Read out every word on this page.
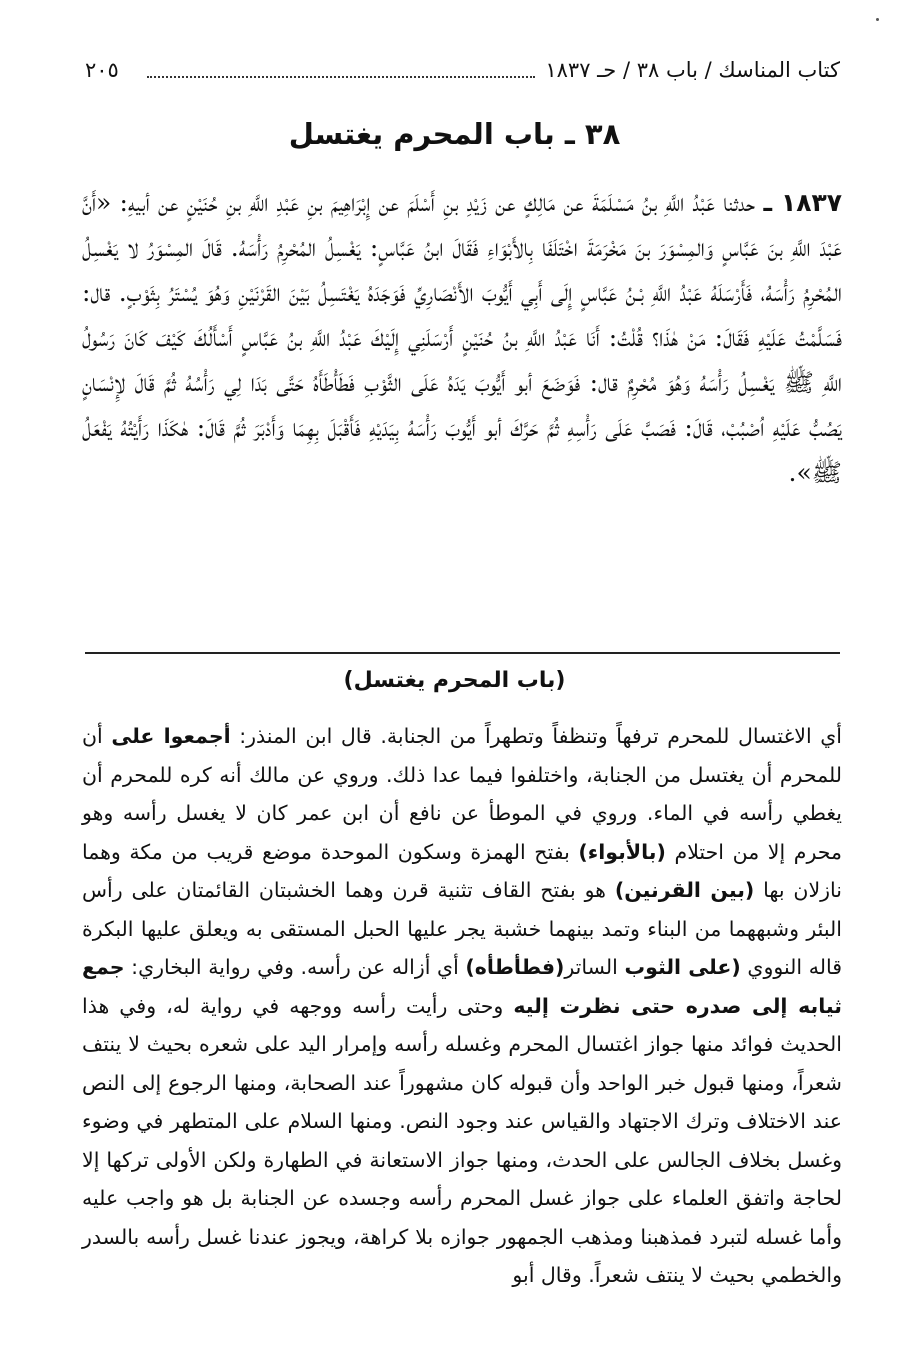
كتاب المناسك / باب ٣٨ / حـ ١٨٣٧
٢٠٥
٣٨ ـ باب المحرم يغتسل
١٨٣٧ ـ حدثنا عَبْدُ اللَّهِ بنُ مَسْلَمَةَ عن مَالِكٍ عن زَيْدِ بنِ أَسْلَمَ عن إِبْرَاهِيمَ بنِ عَبْدِ اللَّهِ بنِ حُنَيْنٍ عن أبيهِ: «أَنَّ عَبْدَ اللَّهِ بنَ عَبَّاسٍ وَالمِسْوَرَ بنَ مَخْرَمَةَ اخْتَلَفَا بِالأَبْوَاءِ فَقَالَ ابنُ عَبَّاسٍ: يَغْسِلُ المُحْرِمُ رَأْسَهُ. قَالَ المِسْوَرُ لا يَغْسِلُ المُحْرِمُ رَأْسَهُ، فَأَرْسَلَهُ عَبْدُ اللَّهِ بْـنُ عَبَّاسٍ إِلَى أَبِي أَيُّوبَ الأَنْصَارِيِّ فَوَجَدَهُ يَغْتَسِلُ بَيْنَ القَرْنَيْنِ وَهُوَ يُسْتَرُ بِثَوْبٍ. قال: فَسَلَّمْتُ عَلَيْهِ فَقَالَ: مَنْ هٰذَا؟ قُلْتُ: أَنَا عَبْدُ اللَّهِ بنُ حُنَيْنٍ أَرْسَلَنِي إِلَيْكَ عَبْدُ اللَّهِ بنُ عَبَّاسٍ أَسْأَلُكَ كَيْفَ كَانَ رَسُولُ اللَّهِ ﷺ يَغْسِلُ رَأْسَهُ وَهُوَ مُحْرِمٌ قال: فَوَضَعَ أبو أَيُّوبَ يَدَهُ عَلَى الثَّوْبِ فَطَأْطَأَهُ حَتَّى بَدَا لِي رَأْسُهُ ثُمَّ قَالَ لإِنْسَانٍ يَصُبُّ عَلَيْهِ اُصْبُبْ، قَالَ: فَصَبَّ عَلَى رَأْسِهِ ثُمَّ حَرَّكَ أبو أَيُّوبَ رَأْسَهُ بِيَدَيْهِ فَأَقْبَلَ بِهِمَا وَأَدْبَرَ ثُمَّ قَالَ: هٰكَذَا رَأَيْتُهُ يَفْعَلُ ﷺ».
(باب المحرم يغتسل)
أي الاغتسال للمحرم ترفهاً وتنظفاً وتطهراً من الجنابة. قال ابن المنذر: أجمعوا على أن للمحرم أن يغتسل من الجنابة، واختلفوا فيما عدا ذلك. وروي عن مالك أنه كره للمحرم أن يغطي رأسه في الماء. وروي في الموطأ عن نافع أن ابن عمر كان لا يغسل رأسه وهو محرم إلا من احتلام (بالأبواء) بفتح الهمزة وسكون الموحدة موضع قريب من مكة وهما نازلان بها (بين القرنين) هو بفتح القاف تثنية قرن وهما الخشبتان القائمتان على رأس البئر وشبههما من البناء وتمد بينهما خشبة يجر عليها الحبل المستقى به ويعلق عليها البكرة قاله النووي (على الثوب الساتر(فطأطأه) أي أزاله عن رأسه. وفي رواية البخاري: جمع ثيابه إلى صدره حتى نظرت إليه وحتى رأيت رأسه ووجهه في رواية له، وفي هذا الحديث فوائد منها جواز اغتسال المحرم وغسله رأسه وإمرار اليد على شعره بحيث لا ينتف شعراً، ومنها قبول خبر الواحد وأن قبوله كان مشهوراً عند الصحابة، ومنها الرجوع إلى النص عند الاختلاف وترك الاجتهاد والقياس عند وجود النص. ومنها السلام على المتطهر في وضوء وغسل بخلاف الجالس على الحدث، ومنها جواز الاستعانة في الطهارة ولكن الأولى تركها إلا لحاجة واتفق العلماء على جواز غسل المحرم رأسه وجسده عن الجنابة بل هو واجب عليه وأما غسله لتبرد فمذهبنا ومذهب الجمهور جوازه بلا كراهة، ويجوز عندنا غسل رأسه بالسدر والخطمي بحيث لا ينتف شعراً. وقال أبو
